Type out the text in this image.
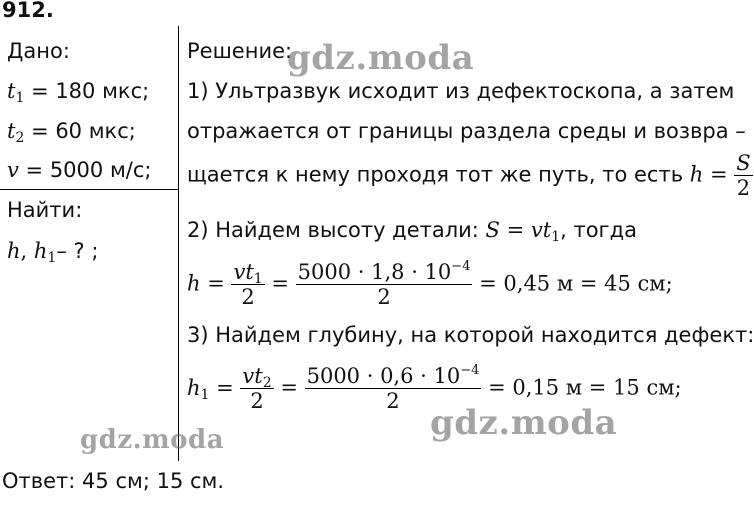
912.
Дано:
$t_1 = 180$ мкс;
$t_2 = 60$ мкс;
v = 5000 м/с;
Найти:
h, $h_1-$ ? ;
Решение:
1) Ультразвук исходит из дефектоскопа, а затем
отражается от границы раздела среды и возвра –
щается к нему проходя тот же путь, то есть $h = \frac{S}{2}$
2) Найдем высоту детали: $S = vt_1$, тогда
$h = \frac{vt_1}{2} = \frac{5000 \cdot 1,8 \cdot 10^{-4}}{2} = 0,45$ м = 45 см;
3) Найдем глубину, на которой находится дефект:
$h_1 = \frac{vt_2}{2} = \frac{5000 \cdot 0,6 \cdot 10^{-4}}{2} = 0,15$ м = 15 см;
Ответ: 45 см; 15 см.
gdz.moda
gdz.moda
gdz.moda
